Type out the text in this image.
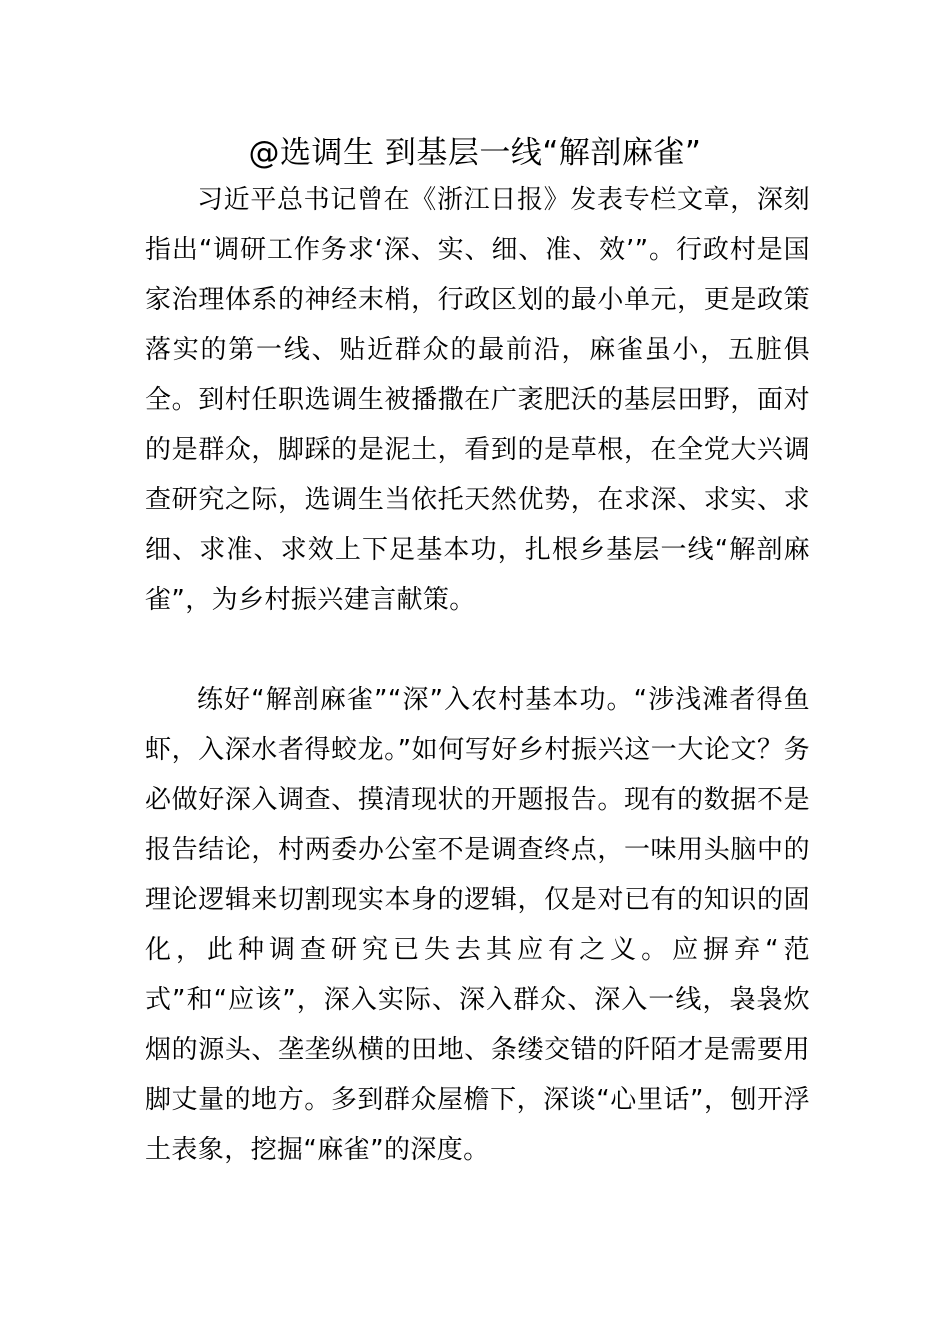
@选调生 到基层一线“解剖麻雀”

习近平总书记曾在《浙江日报》发表专栏文章，深刻指出“调研工作务求‘深、实、细、准、效’”。行政村是国家治理体系的神经末梢，行政区划的最小单元，更是政策落实的第一线、贴近群众的最前沿，麻雀虽小，五脏俱全。到村任职选调生被播撒在广袤肥沃的基层田野，面对的是群众，脚踩的是泥土，看到的是草根，在全党大兴调查研究之际，选调生当依托天然优势，在求深、求实、求细、求准、求效上下足基本功，扎根乡基层一线“解剖麻雀”，为乡村振兴建言献策。

练好“解剖麻雀”“深”入农村基本功。“涉浅滩者得鱼虾，入深水者得蛟龙。”如何写好乡村振兴这一大论文？务必做好深入调查、摸清现状的开题报告。现有的数据不是报告结论，村两委办公室不是调查终点，一味用头脑中的理论逻辑来切割现实本身的逻辑，仅是对已有的知识的固化，此种调查研究已失去其应有之义。应摒弃“范式”和“应该”，深入实际、深入群众、深入一线，袅袅炊烟的源头、垄垄纵横的田地、条缕交错的阡陌才是需要用脚丈量的地方。多到群众屋檐下，深谈“心里话”，刨开浮土表象，挖掘“麻雀”的深度。
